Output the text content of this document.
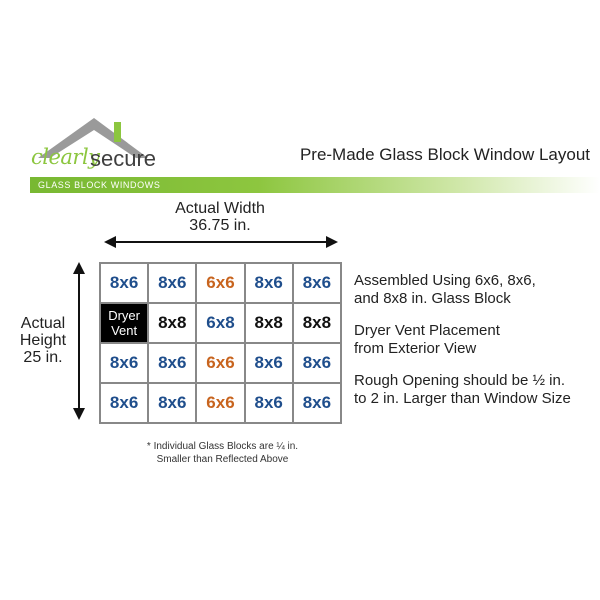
clearly
secure	Pre-Made Glass Block Window Layout
GLASS BLOCK WINDOWS
Actual Width
36.75 in.
Actual
Height
25 in.
8x6	8x6	6x6	8x6	8x6
Dryer
Vent	8x8	6x8	8x8	8x8
8x6	8x6	6x6	8x6	8x6
8x6	8x6	6x6	8x6	8x6
* Individual Glass Blocks are ¼ in.
Smaller than Reflected Above

Assembled Using 6x6, 8x6,
and 8x8 in. Glass Block

Dryer Vent Placement
from Exterior View

Rough Opening should be ½ in.
to 2 in. Larger than Window Size
